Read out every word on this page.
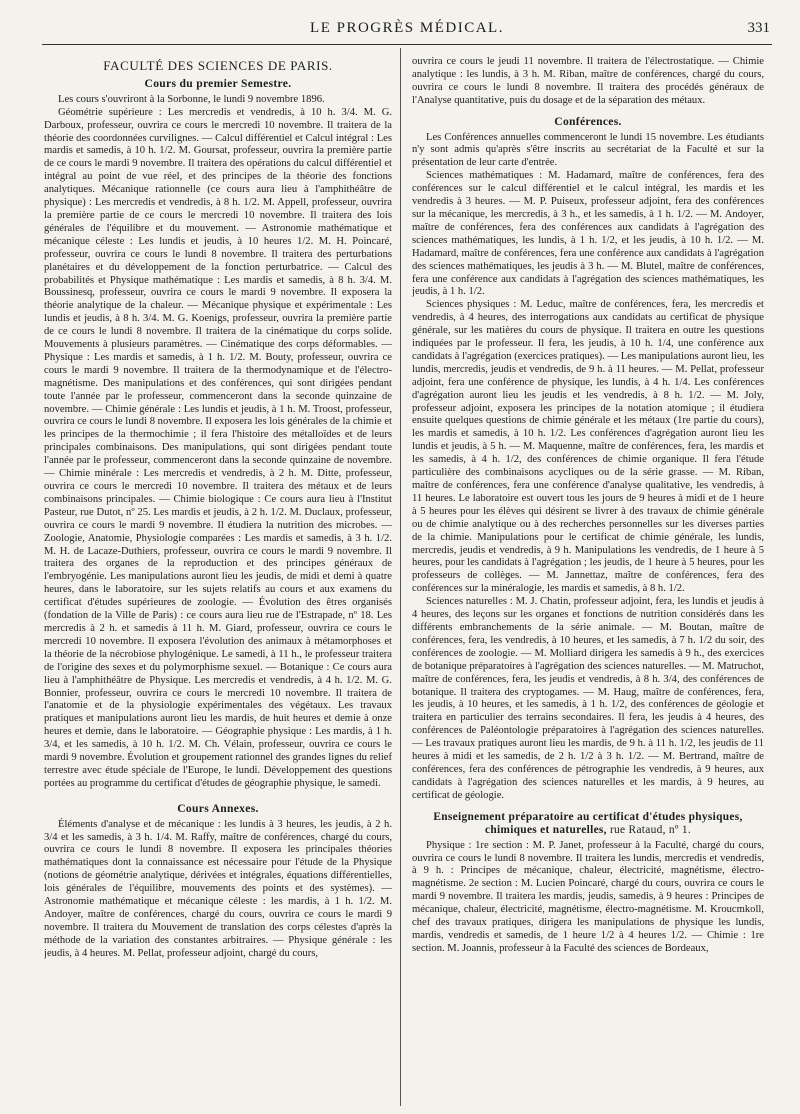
LE PROGRÈS MÉDICAL.	331
FACULTÉ DES SCIENCES DE PARIS.
Cours du premier Semestre.

Les cours s'ouvriront à la Sorbonne, le lundi 9 novembre 1896.

Géométrie supérieure : Les mercredis et vendredis, à 10 h. 3/4. M. G. Darboux, professeur, ouvrira ce cours le mercredi 10 novembre. Il traitera de la théorie des coordonnées curvilignes. — Calcul différentiel et Calcul intégral : Les mardis et samedis, à 10 h. 1/2. M. Goursat, professeur, ouvrira la première partie de ce cours le mardi 9 novembre. Il traitera des opérations du calcul différentiel et intégral au point de vue réel, et des principes de la théorie des fonctions analytiques. Mécanique rationnelle (ce cours aura lieu à l'amphithéâtre de physique) : Les mercredis et vendredis, à 8 h. 1/2. M. Appell, professeur, ouvrira la première partie de ce cours le mercredi 10 novembre. Il traitera des lois générales de l'équilibre et du mouvement. — Astronomie mathématique et mécanique céleste : Les lundis et jeudis, à 10 heures 1/2. M. H. Poincaré, professeur, ouvrira ce cours le lundi 8 novembre. Il traitera des perturbations planétaires et du développement de la fonction perturbatrice. — Calcul des probabilités et Physique mathématique : Les mardis et samedis, à 8 h. 3/4. M. Boussinesq, professeur, ouvrira ce cours le mardi 9 novembre. Il exposera la théorie analytique de la chaleur. — Mécanique physique et expérimentale : Les lundis et jeudis, à 8 h. 3/4. M. G. Koenigs, professeur, ouvrira la première partie de ce cours le lundi 8 novembre. Il traitera de la cinématique du corps solide. Mouvements à plusieurs paramètres. — Cinématique des corps déformables. — Physique : Les mardis et samedis, à 1 h. 1/2. M. Bouty, professeur, ouvrira ce cours le mardi 9 novembre. Il traitera de la thermodynamique et de l'électro-magnétisme. Des manipulations et des conférences, qui sont dirigées pendant toute l'année par le professeur, commenceront dans la seconde quinzaine de novembre. — Chimie générale : Les lundis et jeudis, à 1 h. M. Troost, professeur, ouvrira ce cours le lundi 8 novembre. Il exposera les lois générales de la chimie et les principes de la thermochimie ; il fera l'histoire des métalloïdes et de leurs principales combinaisons. Des manipulations, qui sont dirigées pendant toute l'année par le professeur, commenceront dans la seconde quinzaine de novembre. — Chimie minérale : Les mercredis et vendredis, à 2 h. M. Ditte, professeur, ouvrira ce cours le mercredi 10 novembre. Il traitera des métaux et de leurs combinaisons principales. — Chimie biologique : Ce cours aura lieu à l'Institut Pasteur, rue Dutot, nº 25. Les mardis et jeudis, à 2 h. 1/2. M. Duclaux, professeur, ouvrira ce cours le mardi 9 novembre. Il étudiera la nutrition des microbes. — Zoologie, Anatomie, Physiologie comparées : Les mardis et samedis, à 3 h. 1/2. M. H. de Lacaze-Duthiers, professeur, ouvrira ce cours le mardi 9 novembre. Il traitera des organes de la reproduction et des principes généraux de l'embryogénie. Les manipulations auront lieu les jeudis, de midi et demi à quatre heures, dans le laboratoire, sur les sujets relatifs au cours et aux examens du certificat d'études supérieures de zoologie. — Évolution des êtres organisés (fondation de la Ville de Paris) : ce cours aura lieu rue de l'Estrapade, nº 18. Les mercredis à 2 h. et samedis à 11 h. M. Giard, professeur, ouvrira ce cours le mercredi 10 novembre. Il exposera l'évolution des animaux à métamorphoses et la théorie de la nécrobiose phylogénique. Le samedi, à 11 h., le professeur traitera de l'origine des sexes et du polymorphisme sexuel. — Botanique : Ce cours aura lieu à l'amphithéâtre de Physique. Les mercredis et vendredis, à 4 h. 1/2. M. G. Bonnier, professeur, ouvrira ce cours le mercredi 10 novembre. Il traitera de l'anatomie et de la physiologie expérimentales des végétaux. Les travaux pratiques et manipulations auront lieu les mardis, de huit heures et demie à onze heures et demie, dans le laboratoire. — Géographie physique : Les mardis, à 1 h. 3/4, et les samedis, à 10 h. 1/2. M. Ch. Vélain, professeur, ouvrira ce cours le mardi 9 novembre. Évolution et groupement rationnel des grandes lignes du relief terrestre avec étude spéciale de l'Europe, le lundi. Développement des questions portées au programme du certificat d'études de géographie physique, le samedi.

Cours Annexes.

Éléments d'analyse et de mécanique : les lundis à 3 heures, les jeudis, à 2 h. 3/4 et les samedis, à 3 h. 1/4. M. Raffy, maître de conférences, chargé du cours, ouvrira ce cours le lundi 8 novembre. Il exposera les principales théories mathématiques dont la connaissance est nécessaire pour l'étude de la Physique (notions de géométrie analytique, dérivées et intégrales, équations différentielles, lois générales de l'équilibre, mouvements des points et des systèmes). — Astronomie mathématique et mécanique céleste : les mardis, à 1 h. 1/2. M. Andoyer, maître de conférences, chargé du cours, ouvrira ce cours le mardi 9 novembre. Il traitera du Mouvement de translation des corps célestes d'après la méthode de la variation des constantes arbitraires. — Physique générale : les jeudis, à 4 heures. M. Pellat, professeur adjoint, chargé du cours,

ouvrira ce cours le jeudi 11 novembre. Il traitera de l'électrostatique. — Chimie analytique : les lundis, à 3 h. M. Riban, maître de conférences, chargé du cours, ouvrira ce cours le lundi 8 novembre. Il traitera des procédés généraux de l'Analyse quantitative, puis du dosage et de la séparation des métaux.

Conférences.

Les Conférences annuelles commenceront le lundi 15 novembre. Les étudiants n'y sont admis qu'après s'être inscrits au secrétariat de la Faculté et sur la présentation de leur carte d'entrée.

Sciences mathématiques : M. Hadamard, maître de conférences, fera des conférences sur le calcul différentiel et le calcul intégral, les mardis et les vendredis à 3 heures. — M. P. Puiseux, professeur adjoint, fera des conférences sur la mécanique, les mercredis, à 3 h., et les samedis, à 1 h. 1/2. — M. Andoyer, maître de conférences, fera des conférences aux candidats à l'agrégation des sciences mathématiques, les lundis, à 1 h. 1/2, et les jeudis, à 10 h. 1/2. — M. Hadamard, maître de conférences, fera une conférence aux candidats à l'agrégation des sciences mathématiques, les jeudis à 3 h. — M. Blutel, maître de conférences, fera une conférence aux candidats à l'agrégation des sciences mathématiques, les jeudis, à 1 h. 1/2.

Sciences physiques : M. Leduc, maître de conférences, fera, les mercredis et vendredis, à 4 heures, des interrogations aux candidats au certificat de physique générale, sur les matières du cours de physique. Il traitera en outre les questions indiquées par le professeur. Il fera, les jeudis, à 10 h. 1/4, une conférence aux candidats à l'agrégation (exercices pratiques). — Les manipulations auront lieu, les lundis, mercredis, jeudis et vendredis, de 9 h. à 11 heures. — M. Pellat, professeur adjoint, fera une conférence de physique, les lundis, à 4 h. 1/4. Les conférences d'agrégation auront lieu les jeudis et les vendredis, à 8 h. 1/2. — M. Joly, professeur adjoint, exposera les principes de la notation atomique ; il étudiera ensuite quelques questions de chimie générale et les métaux (1re partie du cours), les mardis et samedis, à 10 h. 1/2. Les conférences d'agrégation auront lieu les lundis et jeudis, à 5 h. — M. Maquenne, maître de conférences, fera, les mardis et les samedis, à 4 h. 1/2, des conférences de chimie organique. Il fera l'étude particulière des combinaisons acycliques ou de la série grasse. — M. Riban, maître de conférences, fera une conférence d'analyse qualitative, les vendredis, à 11 heures. Le laboratoire est ouvert tous les jours de 9 heures à midi et de 1 heure à 5 heures pour les élèves qui désirent se livrer à des travaux de chimie générale ou de chimie analytique ou à des recherches personnelles sur les diverses parties de la chimie. Manipulations pour le certificat de chimie générale, les lundis, mercredis, jeudis et vendredis, à 9 h. Manipulations les vendredis, de 1 heure à 5 heures, pour les candidats à l'agrégation ; les jeudis, de 1 heure à 5 heures, pour les professeurs de collèges. — M. Jannettaz, maître de conférences, fera des conférences sur la minéralogie, les mardis et samedis, à 8 h. 1/2.

Sciences naturelles : M. J. Chatin, professeur adjoint, fera, les lundis et jeudis à 4 heures, des leçons sur les organes et fonctions de nutrition considérés dans les différents embranchements de la série animale. — M. Boutan, maître de conférences, fera, les vendredis, à 10 heures, et les samedis, à 7 h. 1/2 du soir, des conférences de zoologie. — M. Molliard dirigera les samedis à 9 h., des exercices de botanique préparatoires à l'agrégation des sciences naturelles. — M. Matruchot, maître de conférences, fera, les jeudis et vendredis, à 8 h. 3/4, des conférences de botanique. Il traitera des cryptogames. — M. Haug, maître de conférences, fera, les jeudis, à 10 heures, et les samedis, à 1 h. 1/2, des conférences de géologie et traitera en particulier des terrains secondaires. Il fera, les jeudis à 4 heures, des conférences de Paléontologie préparatoires à l'agrégation des sciences naturelles. — Les travaux pratiques auront lieu les mardis, de 9 h. à 11 h. 1/2, les jeudis de 11 heures à midi et les samedis, de 2 h. 1/2 à 3 h. 1/2. — M. Bertrand, maître de conférences, fera des conférences de pétrographie les vendredis, à 9 heures, aux candidats à l'agrégation des sciences naturelles et les mardis, à 9 heures, au certificat de géologie.

Enseignement préparatoire au certificat d'études physiques, chimiques et naturelles, rue Rataud, nº 1.

Physique : 1re section : M. P. Janet, professeur à la Faculté, chargé du cours, ouvrira ce cours le lundi 8 novembre. Il traitera les lundis, mercredis et vendredis, à 9 h. : Principes de mécanique, chaleur, électricité, magnétisme, électro-magnétisme. 2e section : M. Lucien Poincaré, chargé du cours, ouvrira ce cours le mardi 9 novembre. Il traitera les mardis, jeudis, samedis, à 9 heures : Principes de mécanique, chaleur, électricité, magnétisme, électro-magnétisme. M. Kroucmkoll, chef des travaux pratiques, dirigera les manipulations de physique les lundis, mardis, vendredis et samedis, de 1 heure 1/2 à 4 heures 1/2. — Chimie : 1re section. M. Joannis, professeur à la Faculté des sciences de Bordeaux,
